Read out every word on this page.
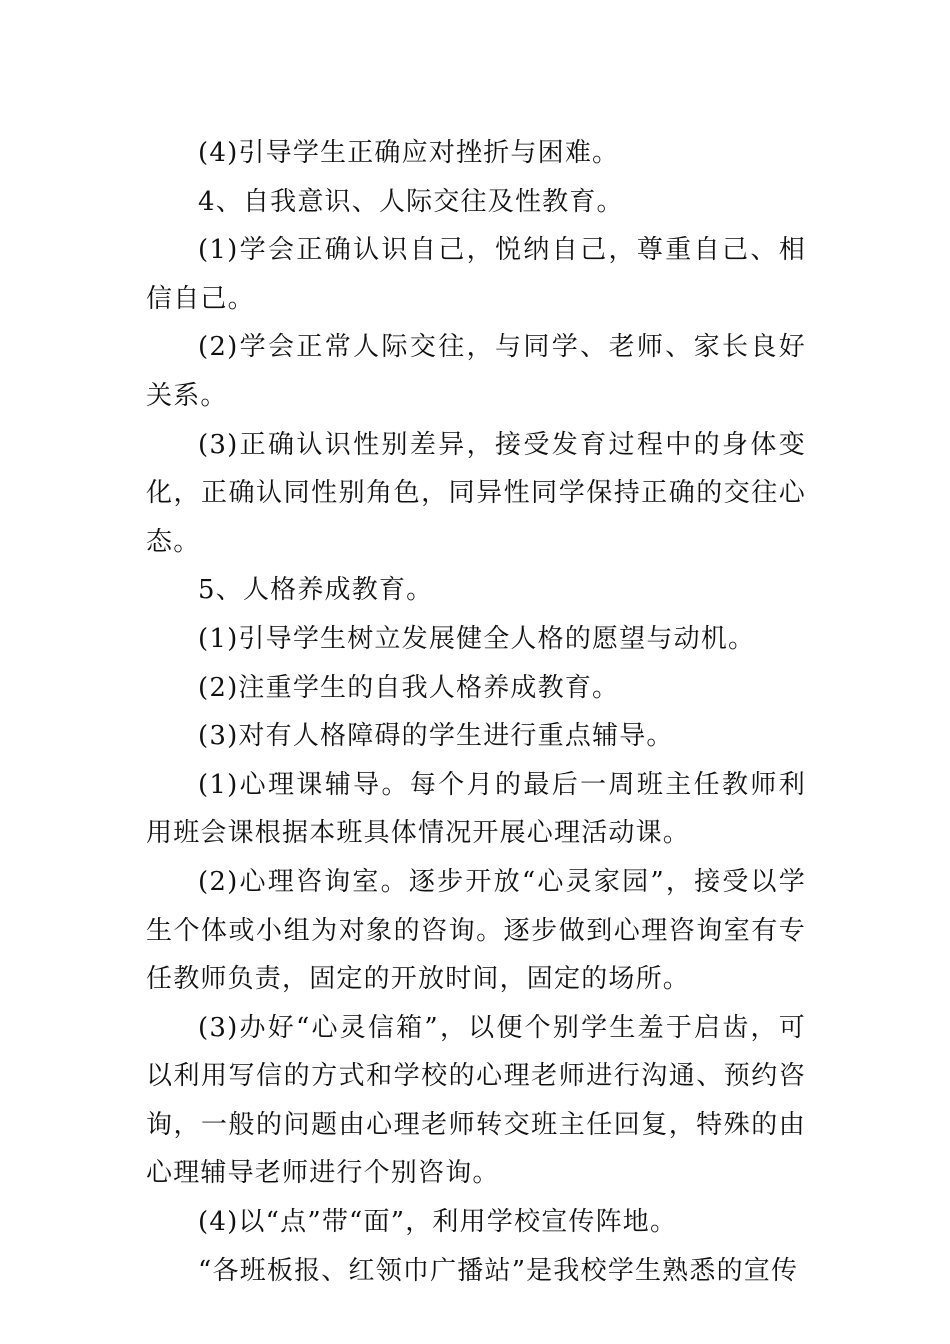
(4)引导学生正确应对挫折与困难。

4、自我意识、人际交往及性教育。

(1)学会正确认识自己，悦纳自己，尊重自己、相信自己。

(2)学会正常人际交往，与同学、老师、家长良好关系。

(3)正确认识性别差异，接受发育过程中的身体变化，正确认同性别角色，同异性同学保持正确的交往心态。

5、人格养成教育。

(1)引导学生树立发展健全人格的愿望与动机。

(2)注重学生的自我人格养成教育。

(3)对有人格障碍的学生进行重点辅导。

(1)心理课辅导。每个月的最后一周班主任教师利用班会课根据本班具体情况开展心理活动课。

(2)心理咨询室。逐步开放“心灵家园”，接受以学生个体或小组为对象的咨询。逐步做到心理咨询室有专任教师负责，固定的开放时间，固定的场所。

(3)办好“心灵信箱”，以便个别学生羞于启齿，可以利用写信的方式和学校的心理老师进行沟通、预约咨询，一般的问题由心理老师转交班主任回复，特殊的由心理辅导老师进行个别咨询。

(4)以“点”带“面”，利用学校宣传阵地。

“各班板报、红领巾广播站”是我校学生熟悉的宣传
